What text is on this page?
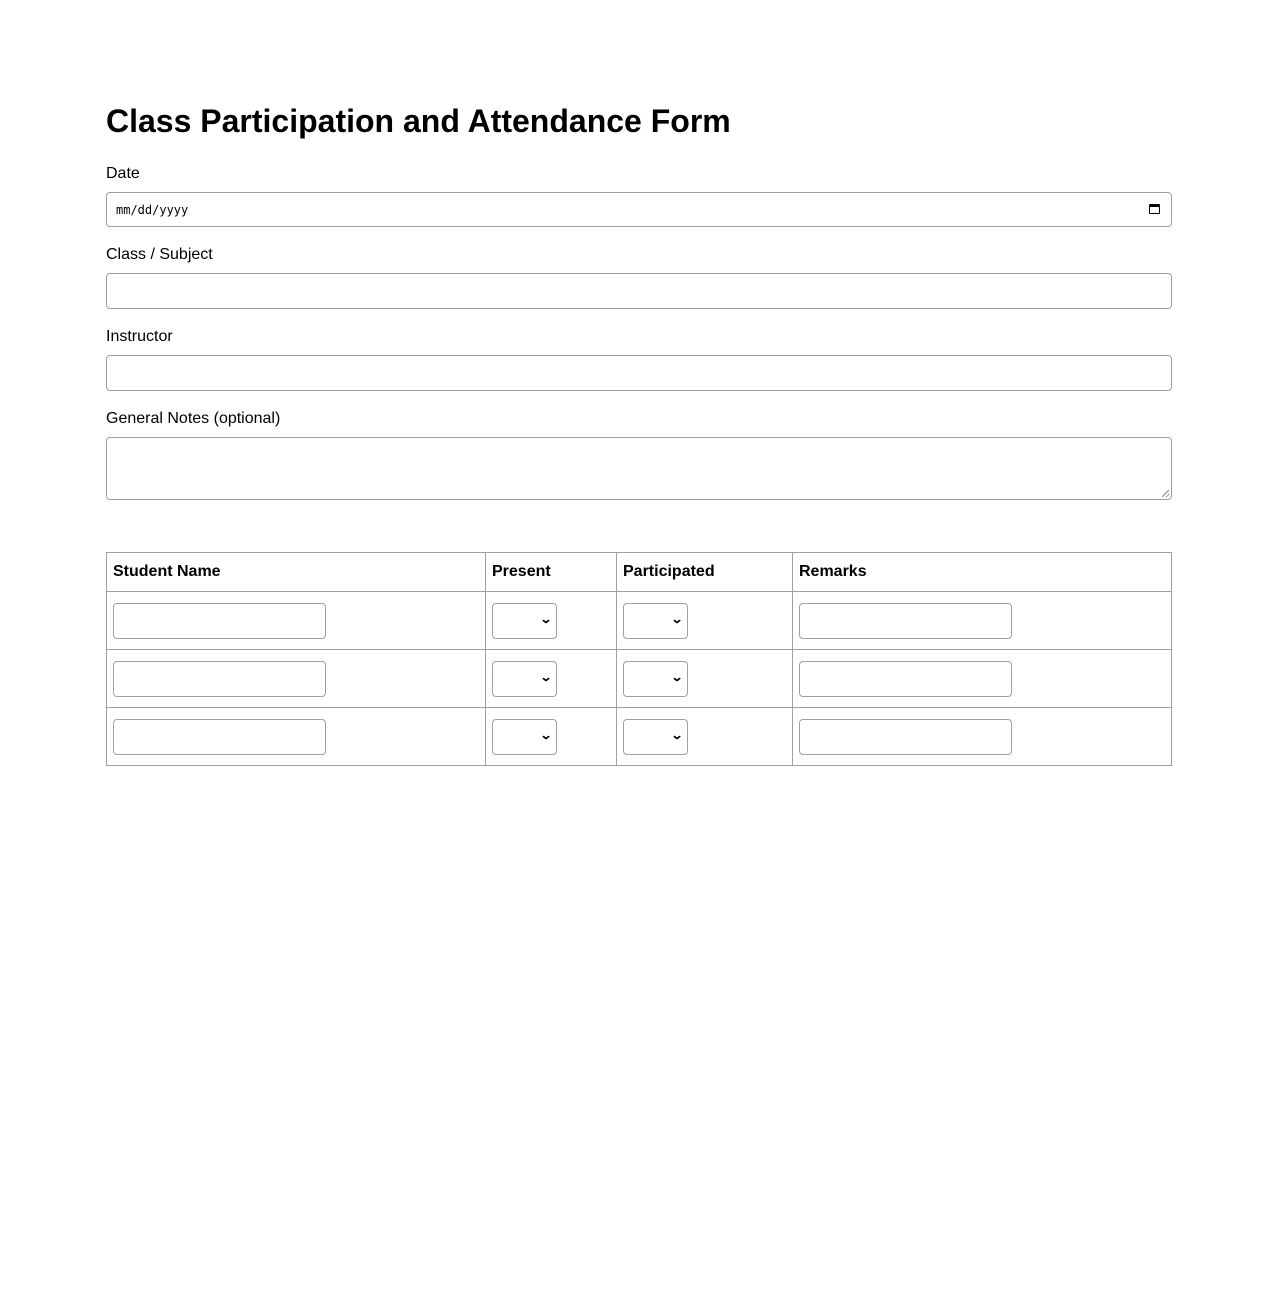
Class Participation and Attendance Form
Date
mm/dd/yyyy
Class / Subject
Instructor
General Notes (optional)
Student Name	Present	Participated	Remarks

	⌄	⌄	

	⌄	⌄	

	⌄	⌄	
